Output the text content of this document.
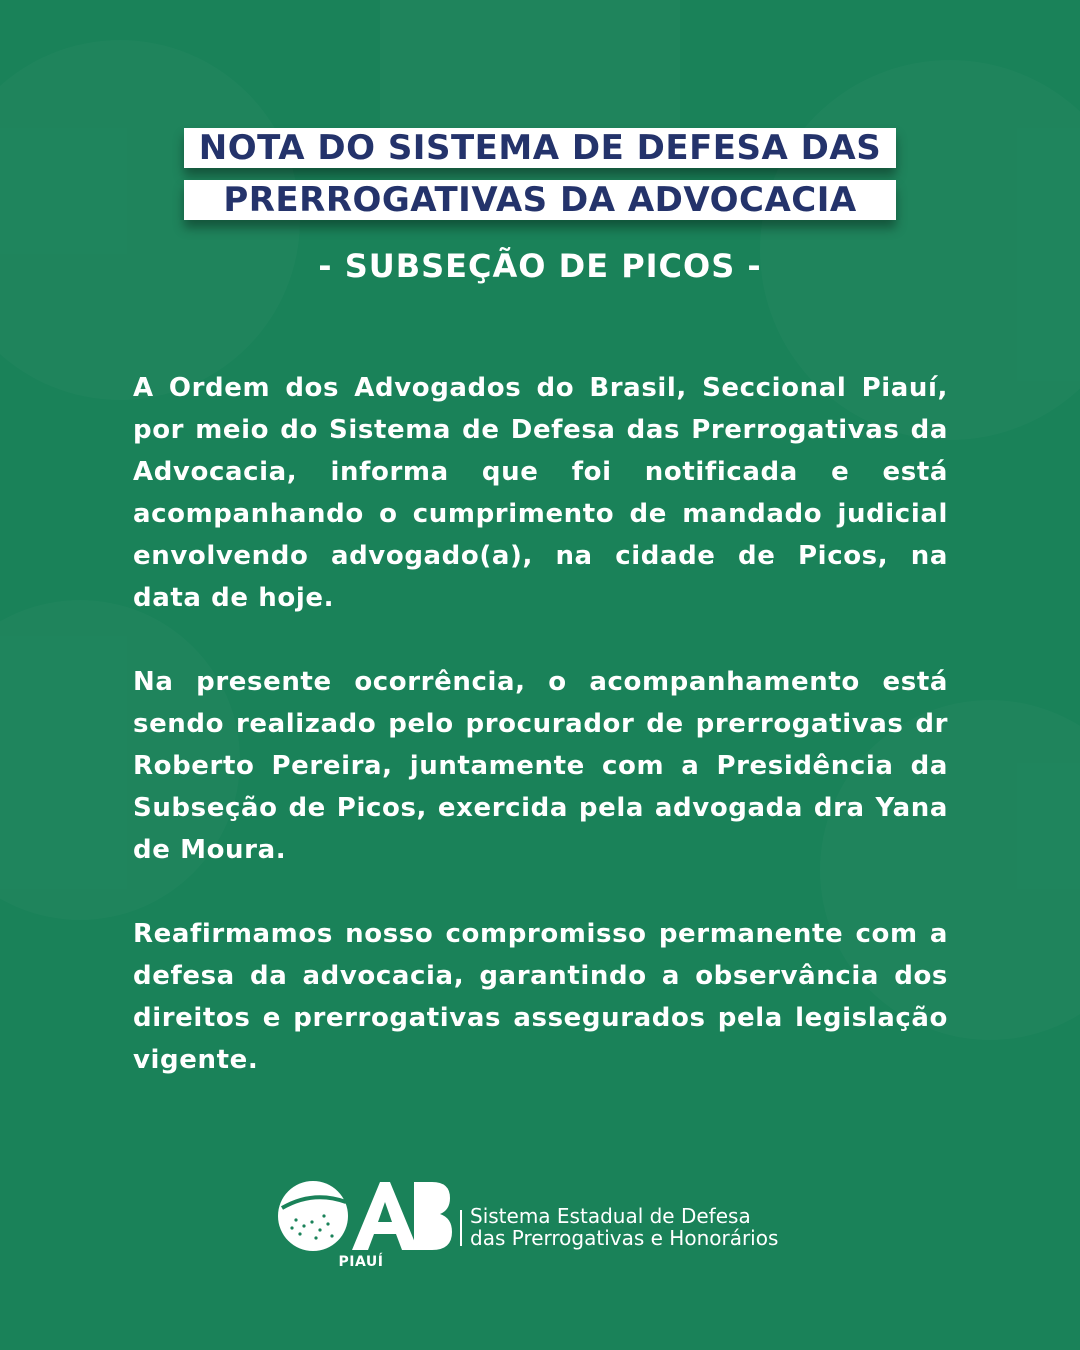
NOTA DO SISTEMA DE DEFESA DAS
PRERROGATIVAS DA ADVOCACIA
- SUBSEÇÃO DE PICOS -

A Ordem dos Advogados do Brasil, Seccional Piauí, por meio do Sistema de Defesa das Prerrogativas da Advocacia, informa que foi notificada e está acompanhando o cumprimento de mandado judicial envolvendo advogado(a), na cidade de Picos, na data de hoje.

Na presente ocorrência, o acompanhamento está sendo realizado pelo procurador de prerrogativas dr Roberto Pereira, juntamente com a Presidência da Subseção de Picos, exercida pela advogada dra Yana de Moura.

Reafirmamos nosso compromisso permanente com a defesa da advocacia, garantindo a observância dos direitos e prerrogativas assegurados pela legislação vigente.

PIAUÍ
Sistema Estadual de Defesa
das Prerrogativas e Honorários
